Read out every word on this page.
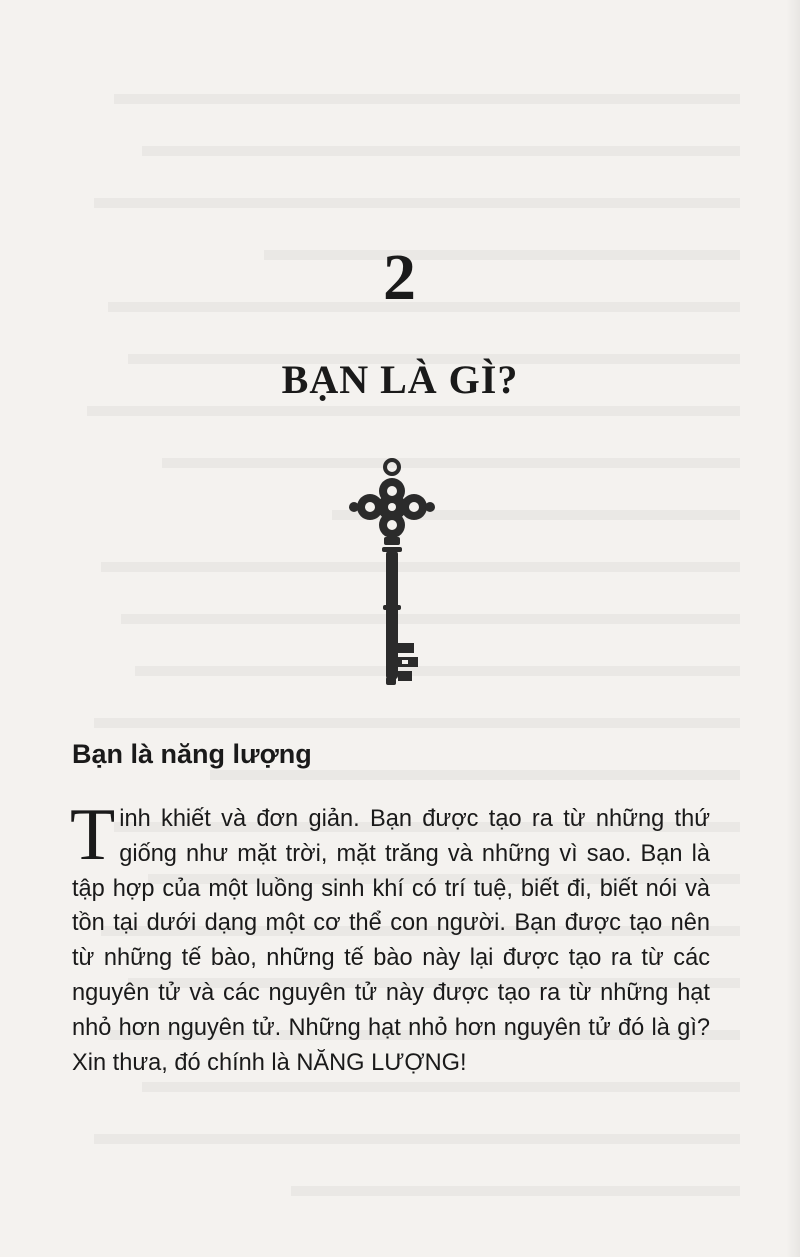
2
BẠN LÀ GÌ?
Bạn là năng lượng

Tinh khiết và đơn giản. Bạn được tạo ra từ những thứ giống như mặt trời, mặt trăng và những vì sao. Bạn là tập hợp của một luồng sinh khí có trí tuệ, biết đi, biết nói và tồn tại dưới dạng một cơ thể con người. Bạn được tạo nên từ những tế bào, những tế bào này lại được tạo ra từ các nguyên tử và các nguyên tử này được tạo ra từ những hạt nhỏ hơn nguyên tử. Những hạt nhỏ hơn nguyên tử đó là gì? Xin thưa, đó chính là NĂNG LƯỢNG!
